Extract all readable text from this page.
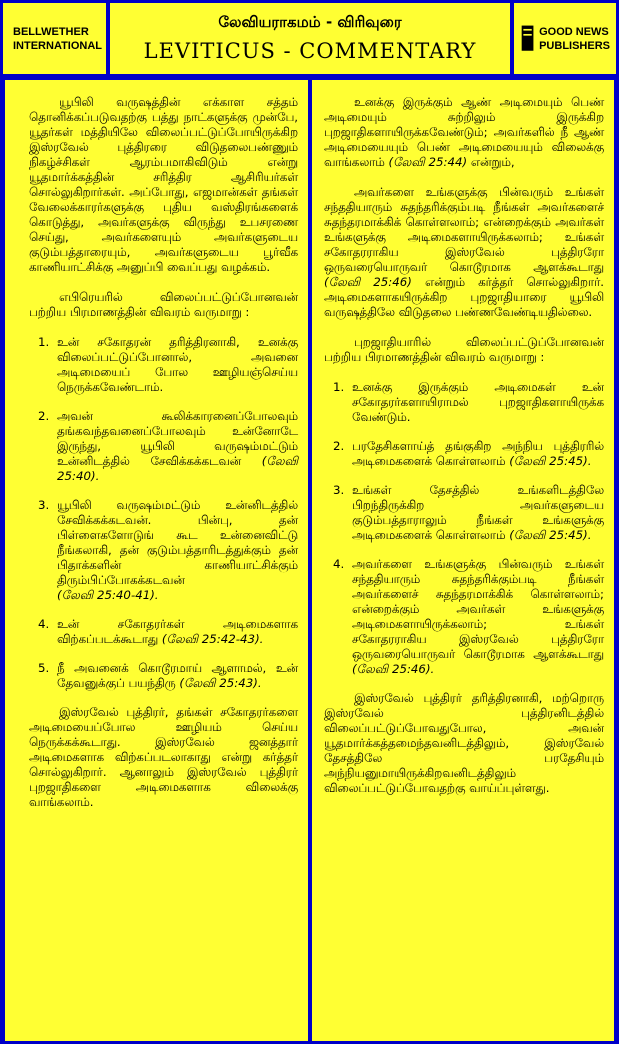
BELLWETHER
INTERNATIONAL
லேவியராகமம் - விரிவுரை
LEVITICUS - COMMENTARY
GOOD NEWS
PUBLISHERS

யூபிலி வருஷத்தின் எக்காள சத்தம் தொனிக்கப்படுவதற்கு பத்து நாட்களுக்கு முன்பே, யூதர்கள் மத்தியிலே விலைப்பட்டுப்போயிருக்கிற இஸ்ரவேல் புத்திரரை விடுதலைபண்ணும் நிகழ்ச்சிகள் ஆரம்பமாகிவிடும் என்று யூதமார்க்கத்தின் சரித்திர ஆசிரியர்கள் சொல்லுகிறார்கள். அப்போது, எஜமான்கள் தங்கள் வேலைக்காரர்களுக்கு புதிய வஸ்திரங்களைக் கொடுத்து, அவர்களுக்கு விருந்து உபசரணை செய்து, அவர்களையும் அவர்களுடைய குடும்பத்தாரையும், அவர்களுடைய பூர்வீக காணியாட்சிக்கு அனுப்பி வைப்பது வழக்கம்.

எபிரெயரில் விலைப்பட்டுப்போனவன் பற்றிய பிரமாணத்தின் விவரம் வருமாறு :

1. உன் சகோதரன் தரித்திரனாகி, உனக்கு விலைப்பட்டுப்போனால், அவனை அடிமையைப் போல ஊழியஞ்செய்ய நெருக்கவேண்டாம்.
2. அவன் கூலிக்காரனைப்போலவும் தங்கவந்தவனைப்போலவும் உன்னோடே இருந்து, யூபிலி வருஷம்மட்டும் உன்னிடத்தில் சேவிக்கக்கடவன் (லேவி 25:40).
3. யூபிலி வருஷம்மட்டும் உன்னிடத்தில் சேவிக்கக்கடவன். பின்பு, தன் பிள்ளைகளோடுங் கூட உன்னைவிட்டு நீங்கலாகி, தன் குடும்பத்தாரிடத்துக்கும் தன் பிதாக்களின் காணியாட்சிக்கும் திரும்பிப்போகக்கடவன்
(லேவி 25:40-41).
4. உன் சகோதரர்கள் அடிமைகளாக விற்கப்படக்கூடாது (லேவி 25:42-43).
5. நீ அவனைக் கொடூரமாய் ஆளாமல், உன் தேவனுக்குப் பயந்திரு (லேவி 25:43).

இஸ்ரவேல் புத்திரர், தங்கள் சகோதரர்களை அடிமையைப்போல ஊழியம் செய்ய நெருக்கக்கூடாது. இஸ்ரவேல் ஜனத்தார் அடிமைகளாக விற்கப்படலாகாது என்று கர்த்தர் சொல்லுகிறார். ஆனாலும் இஸ்ரவேல் புத்திரர் புறஜாதிகளை அடிமைகளாக விலைக்கு வாங்கலாம்.

உனக்கு இருக்கும் ஆண் அடிமையும் பெண் அடிமையும் சுற்றிலும் இருக்கிற புறஜாதிகளாயிருக்கவேண்டும்; அவர்களில் நீ ஆண் அடிமையையும் பெண் அடிமையையும் விலைக்கு வாங்கலாம் (லேவி 25:44) என்றும்,

அவர்களை உங்களுக்கு பின்வரும் உங்கள் சந்ததியாரும் சுதந்தரிக்கும்படி நீங்கள் அவர்களைச் சுதந்தரமாக்கிக் கொள்ளலாம்; என்றைக்கும் அவர்கள் உங்களுக்கு அடிமைகளாயிருக்கலாம்; உங்கள் சகோதரராகிய இஸ்ரவேல் புத்திரரோ ஒருவரையொருவர் கொடூரமாக ஆளக்கூடாது (லேவி 25:46) என்றும் கர்த்தர் சொல்லுகிறார். அடிமைகளாகயிருக்கிற புறஜாதியாரை யூபிலி வருஷத்திலே விடுதலை பண்ணவேண்டியதில்லை.

புறஜாதியாரில் விலைப்பட்டுப்போனவன் பற்றிய பிரமாணத்தின் விவரம் வருமாறு :

1. உனக்கு இருக்கும் அடிமைகள் உன் சகோதரர்களாயிராமல் புறஜாதிகளாயிருக்க வேண்டும்.
2. பரதேசிகளாய்த் தங்குகிற அந்நிய புத்திரரில் அடிமைகளைக் கொள்ளலாம் (லேவி 25:45).
3. உங்கள் தேசத்தில் உங்களிடத்திலே பிறந்திருக்கிற அவர்களுடைய குடும்பத்தாராலும் நீங்கள் உங்களுக்கு அடிமைகளைக் கொள்ளலாம் (லேவி 25:45).
4. அவர்களை உங்களுக்கு பின்வரும் உங்கள் சந்ததியாரும் சுதந்தரிக்கும்படி நீங்கள் அவர்களைச் சுதந்தரமாக்கிக் கொள்ளலாம்; என்றைக்கும் அவர்கள் உங்களுக்கு அடிமைகளாயிருக்கலாம்; உங்கள் சகோதரராகிய இஸ்ரவேல் புத்திரரோ ஒருவரையொருவர் கொடூரமாக ஆளக்கூடாது (லேவி 25:46).

இஸ்ரவேல் புத்திரர் தரித்திரனாகி, மற்றொரு இஸ்ரவேல் புத்திரனிடத்தில் விலைப்பட்டுப்போவதுபோல, அவன் யூதமார்க்கத்தமைந்தவனிடத்திலும், இஸ்ரவேல் தேசத்திலே பரதேசியும் அந்நியனுமாயிருக்கிறவனிடத்திலும் விலைப்பட்டுப்போவதற்கு வாய்ப்புள்ளது.
